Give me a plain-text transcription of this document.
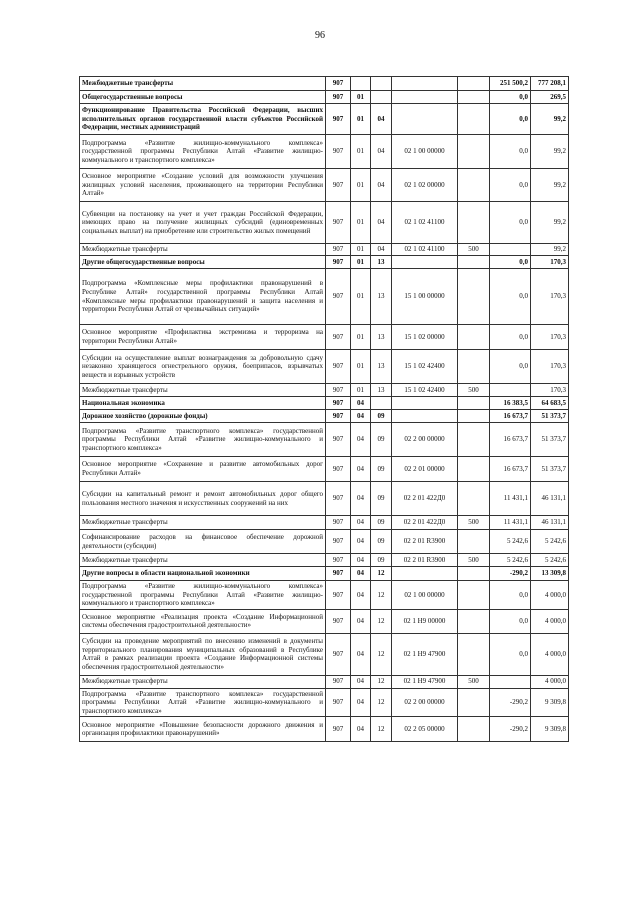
96
Межбюджетные трансферты	907					251 500,2	777 208,1
Общегосударственные вопросы	907	01				0,0	269,5
Функционирование Правительства Российской Федерации, высших исполнительных органов государственной власти субъектов Российской Федерации, местных администраций	907	01	04			0,0	99,2
Подпрограмма «Развитие жилищно-коммунального комплекса» государственной программы Республики Алтай «Развитие жилищно-коммунального и транспортного комплекса»	907	01	04	02 1 00 00000		0,0	99,2
Основное мероприятие «Создание условий для возможности улучшения жилищных условий населения, проживающего на территории Республики Алтай»	907	01	04	02 1 02 00000		0,0	99,2
Субвенции на постановку на учет и учет граждан Российской Федерации, имеющих право на получение жилищных субсидий (единовременных социальных выплат) на приобретение или строительство жилых помещений	907	01	04	02 1 02 41100		0,0	99,2
Межбюджетные трансферты	907	01	04	02 1 02 41100	500		99,2
Другие общегосударственные вопросы	907	01	13			0,0	170,3
Подпрограмма «Комплексные меры профилактики правонарушений в Республике Алтай» государственной программы Республики Алтай «Комплексные меры профилактики правонарушений и защита населения и территории Республики Алтай от чрезвычайных ситуаций»	907	01	13	15 1 00 00000		0,0	170,3
Основное мероприятие «Профилактика экстремизма и терроризма на территории Республики Алтай»	907	01	13	15 1 02 00000		0,0	170,3
Субсидии на осуществление выплат вознаграждения за добровольную сдачу незаконно хранящегося огнестрельного оружия, боеприпасов, взрывчатых веществ и взрывных устройств	907	01	13	15 1 02 42400		0,0	170,3
Межбюджетные трансферты	907	01	13	15 1 02 42400	500		170,3
Национальная экономика	907	04				16 383,5	64 683,5
Дорожное хозяйство (дорожные фонды)	907	04	09			16 673,7	51 373,7
Подпрограмма «Развитие транспортного комплекса» государственной программы Республики Алтай «Развитие жилищно-коммунального и транспортного комплекса»	907	04	09	02 2 00 00000		16 673,7	51 373,7
Основное мероприятие «Сохранение и развитие автомобильных дорог Республики Алтай»	907	04	09	02 2 01 00000		16 673,7	51 373,7
Субсидии на капитальный ремонт и ремонт автомобильных дорог общего пользования местного значения и искусственных сооружений на них	907	04	09	02 2 01 422Д0		11 431,1	46 131,1
Межбюджетные трансферты	907	04	09	02 2 01 422Д0	500	11 431,1	46 131,1
Софинансирование расходов на финансовое обеспечение дорожной деятельности (субсидии)	907	04	09	02 2 01 R3900		5 242,6	5 242,6
Межбюджетные трансферты	907	04	09	02 2 01 R3900	500	5 242,6	5 242,6
Другие вопросы в области национальной экономики	907	04	12			-290,2	13 309,8
Подпрограмма «Развитие жилищно-коммунального комплекса» государственной программы Республики Алтай «Развитие жилищно-коммунального и транспортного комплекса»	907	04	12	02 1 00 00000		0,0	4 000,0
Основное мероприятие «Реализация проекта «Создание Информационной системы обеспечения градостроительной деятельности»	907	04	12	02 1 Н9 00000		0,0	4 000,0
Субсидии на проведение мероприятий по внесению изменений в документы территориального планирования муниципальных образований в Республике Алтай в рамках реализации проекта «Создание Информационной системы обеспечения градостроительной деятельности»	907	04	12	02 1 Н9 47900		0,0	4 000,0
Межбюджетные трансферты	907	04	12	02 1 Н9 47900	500		4 000,0
Подпрограмма «Развитие транспортного комплекса» государственной программы Республики Алтай «Развитие жилищно-коммунального и транспортного комплекса»	907	04	12	02 2 00 00000		-290,2	9 309,8
Основное мероприятие «Повышение безопасности дорожного движения и организация профилактики правонарушений»	907	04	12	02 2 05 00000		-290,2	9 309,8
